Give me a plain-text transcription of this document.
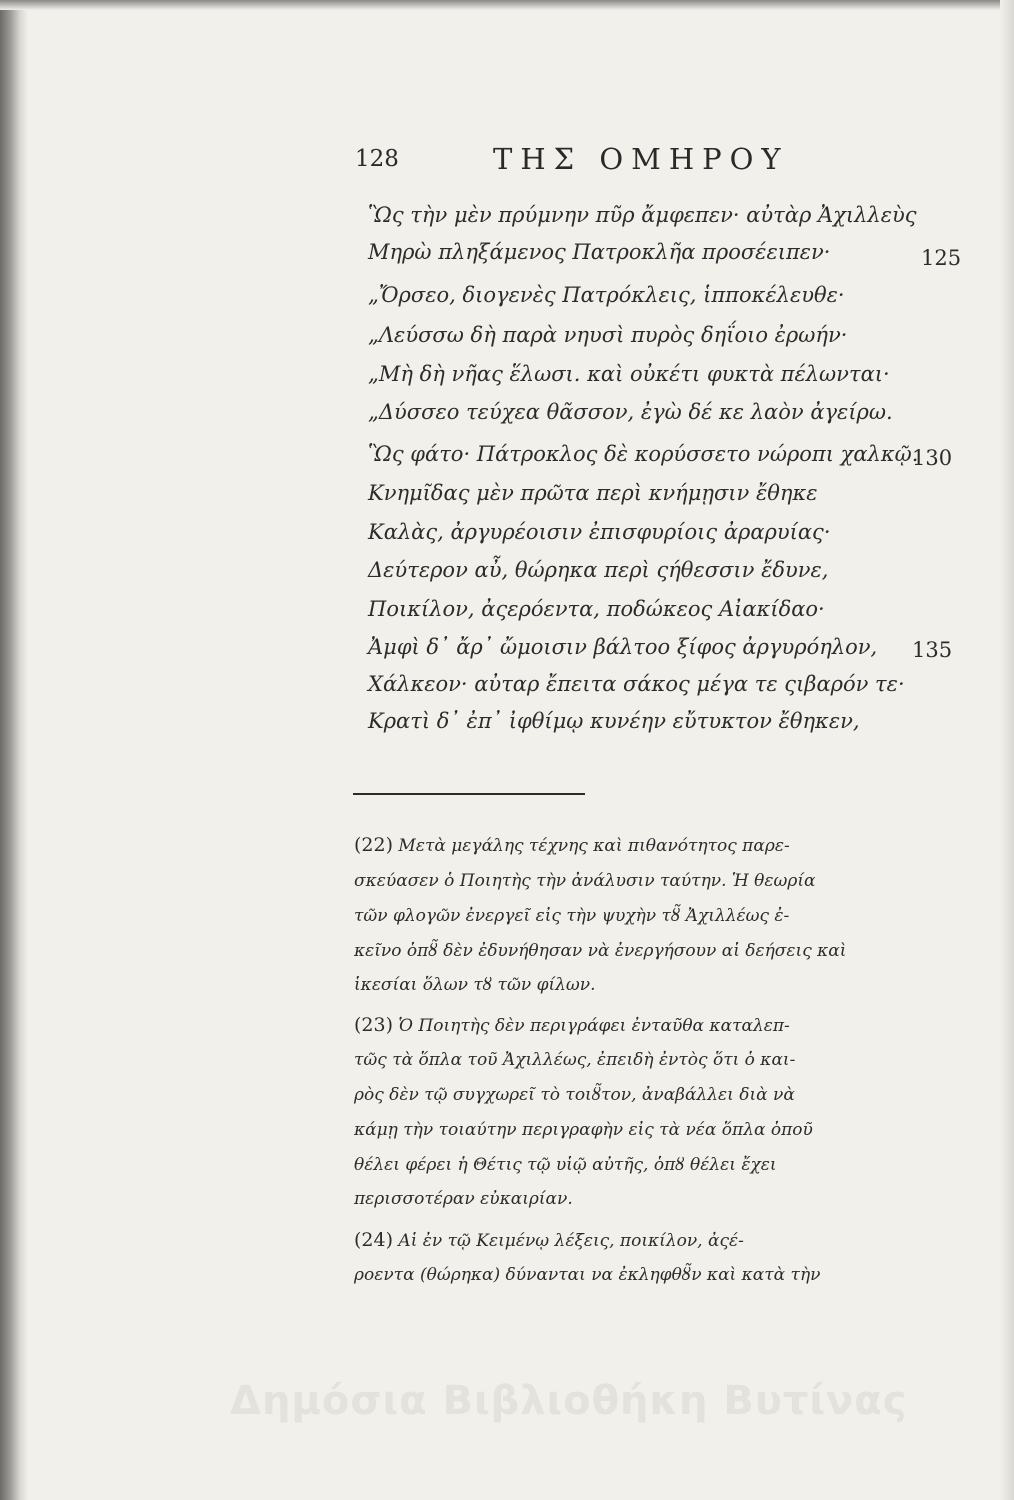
128	ΤΗΣ ΟΜΗΡΟΥ
Ὣς τὴν μὲν πρύμνην πῦρ ἄμφεπεν· αὐτὰρ Ἀχιλλεὺς
Μηρὼ πληξάμενος Πατροκλῆα προσέειπεν·	125
„Ὄρσεο, διογενὲς Πατρόκλεις, ἱπποκέλευθε·
„Λεύσσω δὴ παρὰ νηυσὶ πυρὸς δηΐοιο ἐρωήν·
„Μὴ δὴ νῆας ἕλωσι. καὶ οὐκέτι φυκτὰ πέλωνται·
„Δύσσεο τεύχεα θᾶσσον, ἐγὼ δέ κε λαὸν ἀγείρω.
Ὣς φάτο· Πάτροκλος δὲ κορύσσετο νώροπι χαλκῷ.
130
Κνημῖδας μὲν πρῶτα περὶ κνήμῃσιν ἔθηκε
Καλὰς, ἀργυρέοισιν ἐπισφυρίοις ἀραρυίας·
Δεύτερον αὖ, θώρηκα περὶ ςήθεσσιν ἔδυνε,
Ποικίλον, ἀςερόεντα, ποδώκεος Αἰακίδαο·
Ἀμφὶ δ᾽ ἄρ᾽ ὤμοισιν βάλτοο ξίφος ἀργυρόηλον, 135
Χάλκεον· αὐταρ ἔπειτα σάκος μέγα τε ςιβαρόν τε·
Κρατὶ δ᾽ ἐπ᾽ ἰφθίμῳ κυνέην εὔτυκτον ἔθηκεν,
(22) Μετὰ μεγάλης τέχνης καὶ πιθανότητος παρε-
σκεύασεν ὁ Ποιητὴς τὴν ἀνάλυσιν ταύτην. Ἡ θεωρία
τῶν φλογῶν ἐνεργεῖ εἰς τὴν ψυχὴν τȣ̃ Ἀχιλλέως ἐ-
κεῖνο ὁπȣ̃ δὲν ἐδυνήθησαν νὰ ἐνεργήσουν αἱ δεήσεις καὶ
ἱκεσίαι ὅλων τȣ τῶν φίλων.
(23) Ὁ Ποιητὴς δὲν περιγράφει ἐνταῦθα καταλεπ-
τῶς τὰ ὅπλα τοῦ Ἀχιλλέως, ἐπειδὴ ἐντὸς ὅτι ὁ και-
ρὸς δὲν τῷ συγχωρεῖ τὸ τοιȣ̃τον, ἀναβάλλει διὰ νὰ
κάμῃ τὴν τοιαύτην περιγραφὴν εἰς τὰ νέα ὅπλα ὁποῦ
θέλει φέρει ἡ Θέτις τῷ υἱῷ αὐτῆς, ὁπȣ θέλει ἔχει
περισσοτέραν εὐκαιρίαν.
(24) Αἱ ἐν τῷ Κειμένῳ λέξεις, ποικίλον, ἀςέ-
ροεντα (θώρηκα) δύνανται να ἐκληφθȣ̃ν καὶ κατὰ τὴν
Δημόσια Βιβλιοθήκη Βυτίνας
